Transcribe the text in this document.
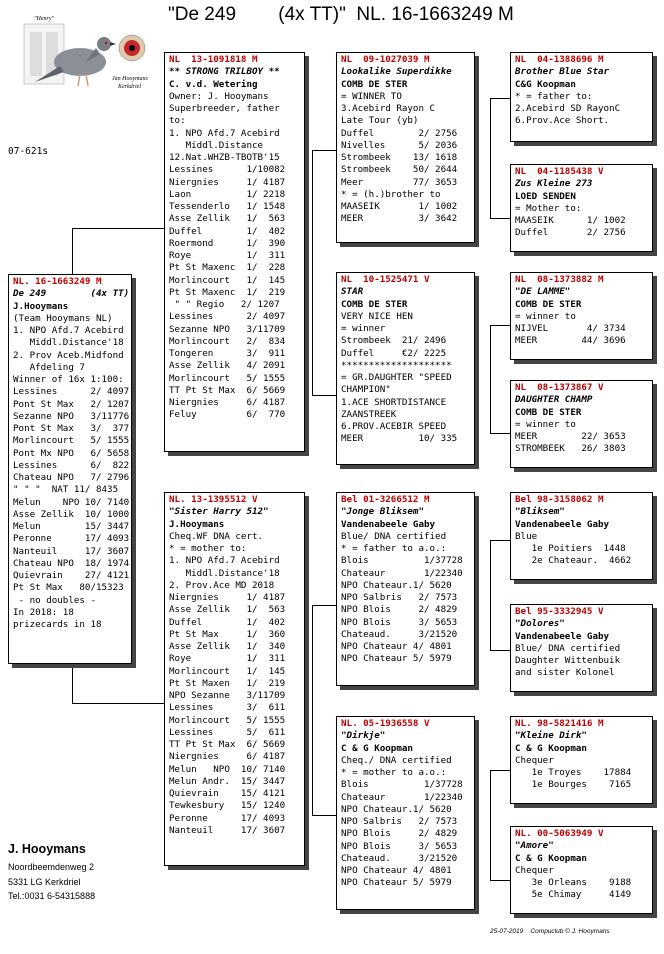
"Henry"
Jan Hooymans
Kerkdriel
"De 249        (4x TT)"  NL. 16-1663249 M
07-621s
NL. 16-1663249 M
De 249        (4x TT)
J.Hooymans
(Team Hooymans NL)
1. NPO Afd.7 Acebird
Middl.Distance'18
2. Prov Aceb.Midfond
Afdeling 7
Winner of 16x 1:100:
Lessines      2/ 4097
Pont St Max   2/ 1207
Sezanne NPO   3/11776
Pont St Max   3/  377
Morlincourt   5/ 1555
Pont Mx NPO   6/ 5658
Lessines      6/  822
Chateau NPO   7/ 2796
" " "  NAT 11/ 8435
Melun    NPO 10/ 7140
Asse Zellik  10/ 1000
Melun        15/ 3447
Peronne      17/ 4093
Nanteuil     17/ 3607
Chateau NPO  18/ 1974
Quievrain    27/ 4121
Pt St Max   80/15323
- no doubles -
In 2018: 18
prizecards in 18
NL  13-1091818 M
** STRONG TRILBOY **
C. v.d. Wetering
Owner: J. Hooymans
Superbreeder, father
to:
1. NPO Afd.7 Acebird
Middl.Distance
12.Nat.WHZB-TBOTB'15
Lessines      1/10082
Niergnies     1/ 4187
Laon          1/ 2218
Tessenderlo   1/ 1548
Asse Zellik   1/  563
Duffel        1/  402
Roermond      1/  390
Roye          1/  311
Pt St Maxenc  1/  228
Morlincourt   1/  145
Pt St Maxenc  1/  219
" " Regio   2/ 1207
Lessines      2/ 4097
Sezanne NPO   3/11709
Morlincourt   2/  834
Tongeren      3/  911
Asse Zellik   4/ 2091
Morlincourt   5/ 1555
TT Pt St Max  6/ 5669
Niergnies     6/ 4187
Feluy         6/  770
NL. 13-1395512 V
"Sister Harry 512"
J.Hooymans
Cheq.WF DNA cert.
* = mother to:
1. NPO Afd.7 Acebird
Middl.Distance'18
2. Prov.Ace MD 2018
Niergnies     1/ 4187
Asse Zellik   1/  563
Duffel        1/  402
Pt St Max     1/  360
Asse Zellik   1/  340
Roye          1/  311
Morlincourt   1/  145
Pt St Maxen   1/  219
NPO Sezanne   3/11709
Lessines      3/  611
Morlincourt   5/ 1555
Lessines      5/  611
TT Pt St Max  6/ 5669
Niergnies     6/ 4187
Melun   NPO  10/ 7140
Melun Andr.  15/ 3447
Quievrain    15/ 4121
Tewkesbury   15/ 1240
Peronne      17/ 4093
Nanteuil     17/ 3607
NL  09-1027039 M
Lookalike Superdikke
COMB DE STER
= WINNER TO
3.Acebird Rayon C
Late Tour (yb)
Duffel        2/ 2756
Nivelles      5/ 2036
Strombeek    13/ 1618
Strombeek    50/ 2644
Meer         77/ 3653
* = (h.)brother to
MAASEIK       1/ 1002
MEER          3/ 3642
NL  10-1525471 V
STAR
COMB DE STER
VERY NICE HEN
= winner
Strombeek  21/ 2496
Duffel     €2/ 2225
********************
= GR.DAUGHTER "SPEED
CHAMPION"
1.ACE SHORTDISTANCE
ZAANSTREEK
6.PROV.ACEBIR SPEED
MEER          10/ 335
Bel 01-3266512 M
"Jonge Bliksem"
Vandenabeele Gaby
Blue/ DNA certified
* = father to a.o.:
Blois          1/37728
Chateaur       1/22340
NPO Chateaur.1/ 5620
NPO Salbris   2/ 7573
NPO Blois     2/ 4829
NPO Blois     3/ 5653
Chateaud.     3/21520
NPO Chateaur 4/ 4801
NPO Chateaur 5/ 5979
NL. 05-1936558 V
"Dirkje"
C & G Koopman
Cheq./ DNA certified
* = mother to a.o.:
Blois          1/37728
Chateaur       1/22340
NPO Chateaur.1/ 5620
NPO Salbris   2/ 7573
NPO Blois     2/ 4829
NPO Blois     3/ 5653
Chateaud.     3/21520
NPO Chateaur 4/ 4801
NPO Chateaur 5/ 5979
NL  04-1388696 M
Brother Blue Star
C&G Koopman
* = father to:
2.Acebird SD RayonC
6.Prov.Ace Short.
NL  04-1185438 V
Zus Kleine 273
LOED SENDEN
= Mother to:
MAASEIK      1/ 1002
Duffel       2/ 2756
NL  08-1373882 M
"DE LAMME"
COMB DE STER
= winner to
NIJVEL       4/ 3734
MEER        44/ 3696
NL  08-1373867 V
DAUGHTER CHAMP
COMB DE STER
= winner to
MEER        22/ 3653
STROMBEEK   26/ 3803
Bel 98-3158062 M
"Bliksem"
Vandenabeele Gaby
Blue
1e Poitiers  1448
2e Chateaur.  4662
Bel 95-3332945 V
"Dolores"
Vandenabeele Gaby
Blue/ DNA certified
Daughter Wittenbuik
and sister Kolonel
NL. 98-5821416 M
"Kleine Dirk"
C & G Koopman
Chequer
1e Troyes    17884
1e Bourges    7165
NL. 00-5063949 V
"Amore"
C & G Koopman
Chequer
3e Orleans    9188
5e Chimay     4149
J. Hooymans
Noordbeemdenweg 2
5331 LG Kerkdriel
Tel.:0031 6-54315888
25-07-2019    Compuclub © J. Hooymans
